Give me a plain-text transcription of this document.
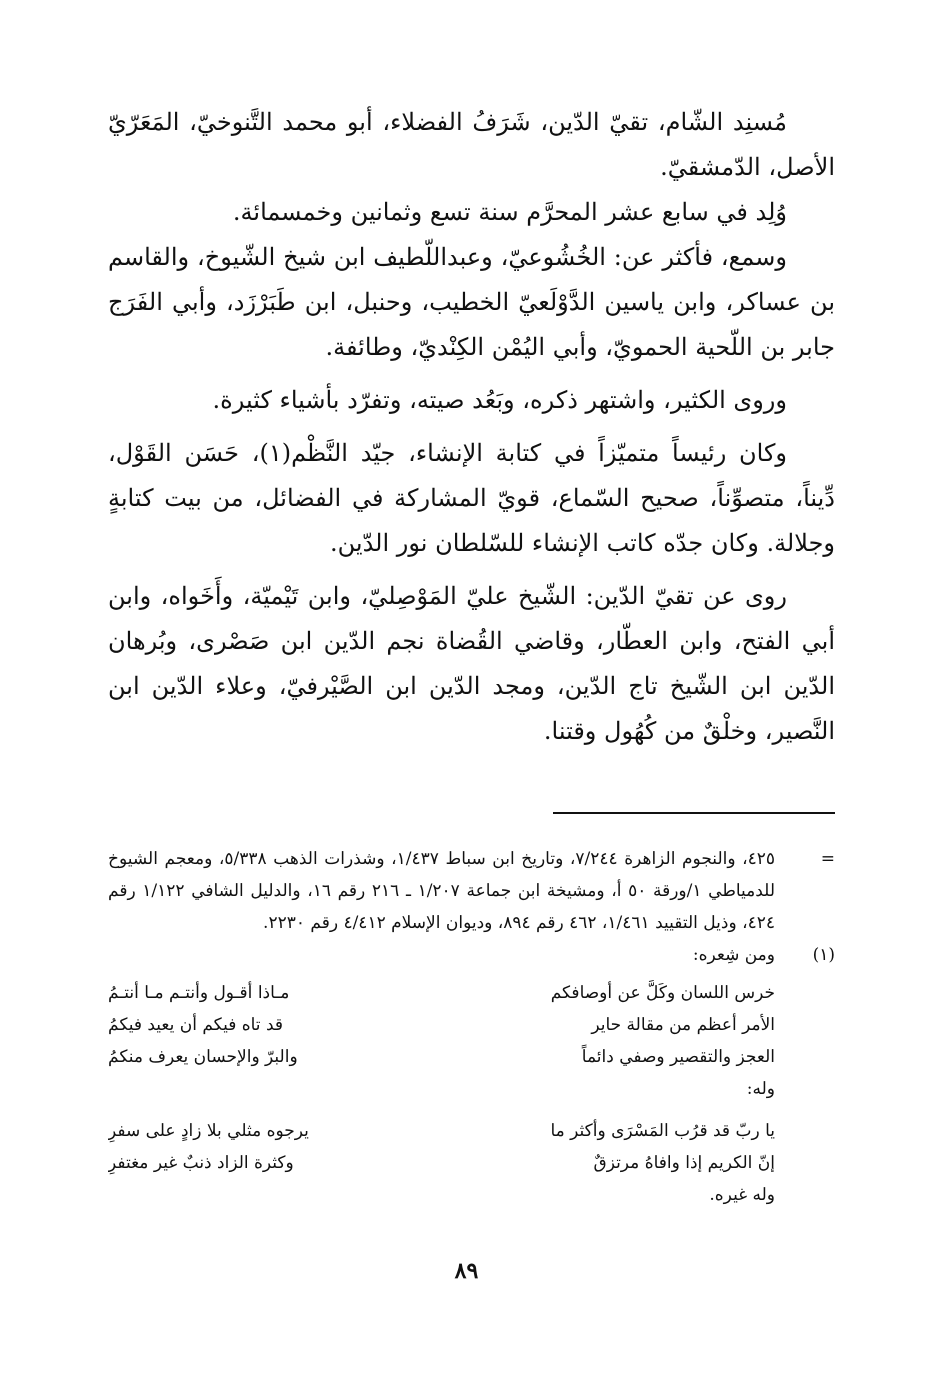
مُسنِد الشّام، تقيّ الدّين، شَرَفُ الفضلاء، أبو محمد التَّنوخيّ، المَعَرّيّ الأصل، الدّمشقيّ.

وُلِد في سابع عشر المحرَّم سنة تسع وثمانين وخمسمائة.

وسمع، فأكثر عن: الخُشُوعيّ، وعبداللّطيف ابن شيخ الشّيوخ، والقاسم بن عساكر، وابن ياسين الدَّوْلَعيّ الخطيب، وحنبل، ابن طَبَرْزَد، وأبي الفَرَج جابر بن اللّحية الحمويّ، وأبي اليُمْن الكِنْديّ، وطائفة.

وروى الكثير، واشتهر ذكره، وبَعُد صيته، وتفرّد بأشياء كثيرة.

وكان رئيساً متميّزاً في كتابة الإنشاء، جيّد النَّظْم(١)، حَسَن القَوْل، دِّيناً، متصوِّناً، صحيح السّماع، قويّ المشاركة في الفضائل، من بيت كتابةٍ وجلالة. وكان جدّه كاتب الإنشاء للسّلطان نور الدّين.

روى عن تقيّ الدّين: الشّيخ عليّ المَوْصِليّ، وابن تَيْميّة، وأَخَواه، وابن أبي الفتح، وابن العطّار، وقاضي القُضاة نجم الدّين ابن صَصْرى، وبُرهان الدّين ابن الشّيخ تاج الدّين، ومجد الدّين ابن الصَّيْرفيّ، وعلاء الدّين ابن النَّصير، وخلْقٌ من كُهُول وقتنا.

=

٤٢٥، والنجوم الزاهرة ٧/٢٤٤، وتاريخ ابن سباط ١/٤٣٧، وشذرات الذهب ٥/٣٣٨، ومعجم الشيوخ للدمياطي ١/ورقة ٥٠ أ، ومشيخة ابن جماعة ١/٢٠٧ ـ ٢١٦ رقم ١٦، والدليل الشافي ١/١٢٢ رقم ٤٢٤، وذيل التقييد ١/٤٦١، ٤٦٢ رقم ٨٩٤، وديوان الإسلام ٤/٤١٢ رقم ٢٢٣٠.

(١)

ومن شِعره:

خرس اللسان وكَلَّ عن أوصافكم
مـاذا أقـول وأنتـم مـا أنتـمُ
الأمر أعظم من مقالة حاير
قد تاه فيكم أن يعيد فيكمُ
العجز والتقصير وصفي دائماً
والبرّ والإحسان يعرف منكمُ
وله:
يا ربّ قد قرُب المَسْرَى وأكثر ما
يرجوه مثلي بلا زادٍ على سفرِ
إنّ الكريم إذا وافاهُ مرتزقٌ
وكثرة الزاد ذنبٌ غير مغتفرِ
وله غيره.
٨٩
